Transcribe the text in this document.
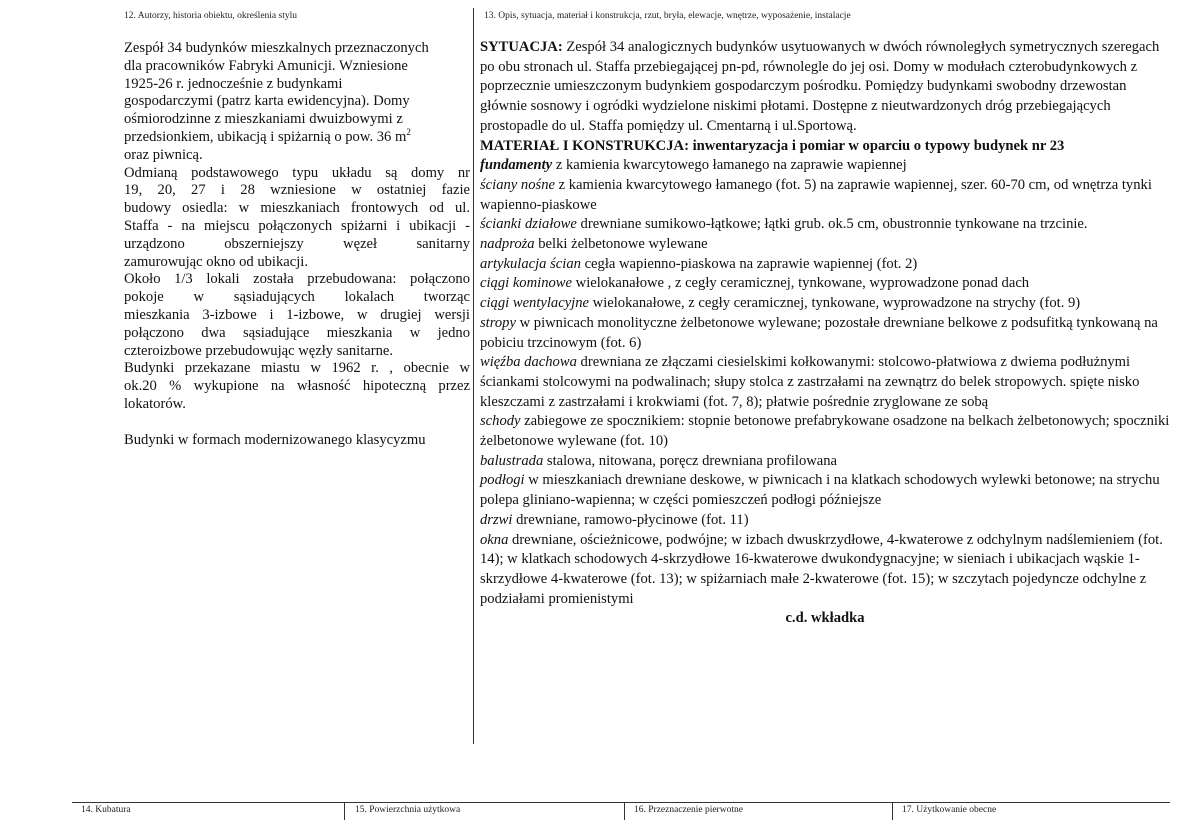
12. Autorzy, historia obiektu, określenia stylu	13. Opis, sytuacja, materiał i konstrukcja, rzut, bryła, elewacje, wnętrze, wyposażenie, instalacje

Zespół 34 budynków mieszkalnych przeznaczonych

dla pracowników Fabryki Amunicji. Wzniesione

1925-26 r. jednocześnie z budynkami

gospodarczymi (patrz karta ewidencyjna). Domy

ośmiorodzinne z mieszkaniami dwuizbowymi z

przedsionkiem, ubikacją i spiżarnią o pow. 36 $m^2$

oraz piwnicą.

Odmianą podstawowego typu układu są domy nr

19, 20, 27 i 28 wzniesione w ostatniej fazie

budowy osiedla: w mieszkaniach frontowych od ul.

Staffa - na miejscu połączonych spiżarni i ubikacji -

urządzono obszerniejszy węzeł sanitarny

zamurowując okno od ubikacji.

Około 1/3 lokali została przebudowana: połączono

pokoje w sąsiadujących lokalach tworząc

mieszkania 3-izbowe i 1-izbowe, w drugiej wersji

połączono dwa sąsiadujące mieszkania w jedno

czteroizbowe przebudowując węzły sanitarne.

Budynki przekazane miastu w 1962 r. , obecnie w

ok.20 % wykupione na własność hipoteczną przez

lokatorów.

Budynki w formach modernizowanego klasycyzmu

SYTUACJA: Zespół 34 analogicznych budynków usytuowanych w dwóch równoległych symetrycznych szeregach po obu stronach ul. Staffa przebiegającej pn-pd, równolegle do jej osi. Domy w modułach czterobudynkowych z poprzecznie umieszczonym budynkiem gospodarczym pośrodku. Pomiędzy budynkami swobodny drzewostan głównie sosnowy i ogródki wydzielone niskimi płotami. Dostępne z nieutwardzonych dróg przebiegających prostopadle do ul. Staffa pomiędzy ul. Cmentarną i ul.Sportową.

MATERIAŁ I KONSTRUKCJA: inwentaryzacja i pomiar w oparciu o typowy budynek nr 23

fundamenty z kamienia kwarcytowego łamanego na zaprawie wapiennej

ściany nośne z kamienia kwarcytowego łamanego (fot. 5) na zaprawie wapiennej, szer. 60-70 cm, od wnętrza tynki wapienno-piaskowe

ścianki działowe drewniane sumikowo-łątkowe; łątki grub. ok.5 cm, obustronnie tynkowane na trzcinie.

nadproża belki żelbetonowe wylewane

artykulacja ścian cegła wapienno-piaskowa na zaprawie wapiennej (fot. 2)

ciągi kominowe wielokanałowe , z cegły ceramicznej, tynkowane, wyprowadzone ponad dach

ciągi wentylacyjne wielokanałowe, z cegły ceramicznej, tynkowane, wyprowadzone na strychy (fot. 9)

stropy w piwnicach monolityczne żelbetonowe wylewane; pozostałe drewniane belkowe z podsufitką tynkowaną na pobiciu trzcinowym (fot. 6)

więźba dachowa drewniana ze złączami ciesielskimi kołkowanymi: stolcowo-płatwiowa z dwiema podłużnymi ściankami stolcowymi na podwalinach; słupy stolca z zastrzałami na zewnątrz do belek stropowych. spięte nisko kleszczami z zastrzałami i krokwiami (fot. 7, 8); płatwie pośrednie zryglowane ze sobą

schody zabiegowe ze spocznikiem: stopnie betonowe prefabrykowane osadzone na belkach żelbetonowych; spoczniki żelbetonowe wylewane (fot. 10)

balustrada stalowa, nitowana, poręcz drewniana profilowana

podłogi w mieszkaniach drewniane deskowe, w piwnicach i na klatkach schodowych wylewki betonowe; na strychu polepa gliniano-wapienna; w części pomieszczeń podłogi późniejsze

drzwi drewniane, ramowo-płycinowe (fot. 11)

okna drewniane, ościeżnicowe, podwójne; w izbach dwuskrzydłowe, 4-kwaterowe z odchylnym nadślemieniem (fot. 14); w klatkach schodowych 4-skrzydłowe 16-kwaterowe dwukondygnacyjne; w sieniach i ubikacjach wąskie 1-skrzydłowe 4-kwaterowe (fot. 13); w spiżarniach małe 2-kwaterowe (fot. 15); w szczytach pojedyncze odchylne z podziałami promienistymi

c.d. wkładka

14. Kubatura	15. Powierzchnia użytkowa	16. Przeznaczenie pierwotne	17. Użytkowanie obecne
